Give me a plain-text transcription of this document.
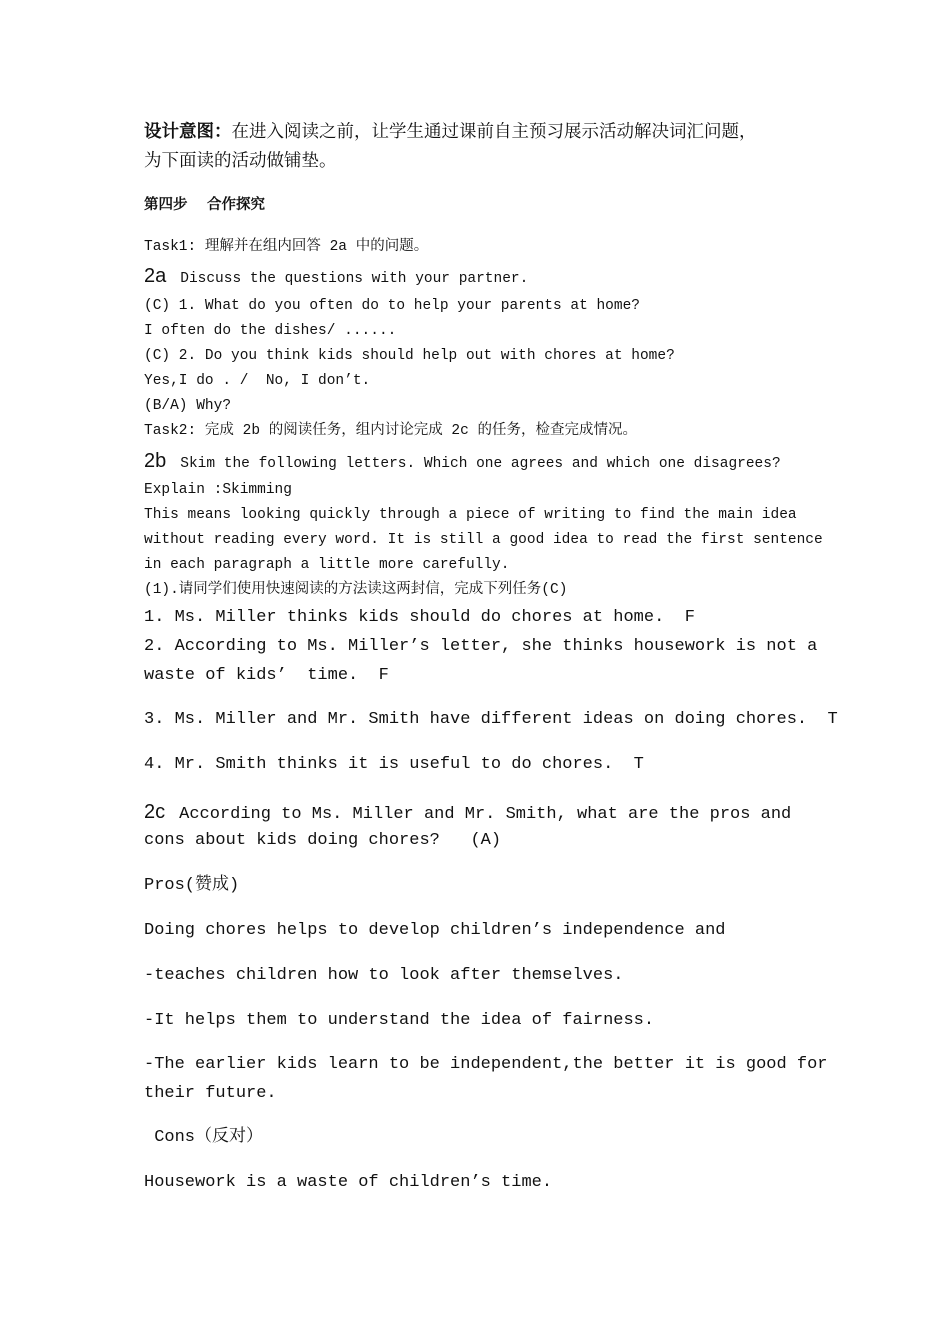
设计意图：在进入阅读之前，让学生通过课前自主预习展示活动解决词汇问题，
为下面读的活动做铺垫。
第四步　 合作探究
Task1: 理解并在组内回答 2a 中的问题。
2a Discuss the questions with your partner.
(C) 1. What do you often do to help your parents at home?
I often do the dishes/ ......
(C) 2. Do you think kids should help out with chores at home?
Yes,I do . /  No, I don’t.
(B/A) Why?
Task2: 完成 2b 的阅读任务，组内讨论完成 2c 的任务，检查完成情况。
2b Skim the following letters. Which one agrees and which one disagrees?
Explain :Skimming
This means looking quickly through a piece of writing to find the main idea
without reading every word. It is still a good idea to read the first sentence
in each paragraph a little more carefully.
(1).请同学们使用快速阅读的方法读这两封信，完成下列任务(C)
1. Ms. Miller thinks kids should do chores at home.  F
2. According to Ms. Miller’s letter, she thinks housework is not a
waste of kids’  time.  F
3. Ms. Miller and Mr. Smith have different ideas on doing chores.  T
4. Mr. Smith thinks it is useful to do chores.  T
2c According to Ms. Miller and Mr. Smith, what are the pros and
cons about kids doing chores?   (A)
Pros(赞成)
Doing chores helps to develop children’s independence and
-teaches children how to look after themselves.
-It helps them to understand the idea of fairness.
-The earlier kids learn to be independent,the better it is good for
their future.
Cons（反对）
Housework is a waste of children’s time.
